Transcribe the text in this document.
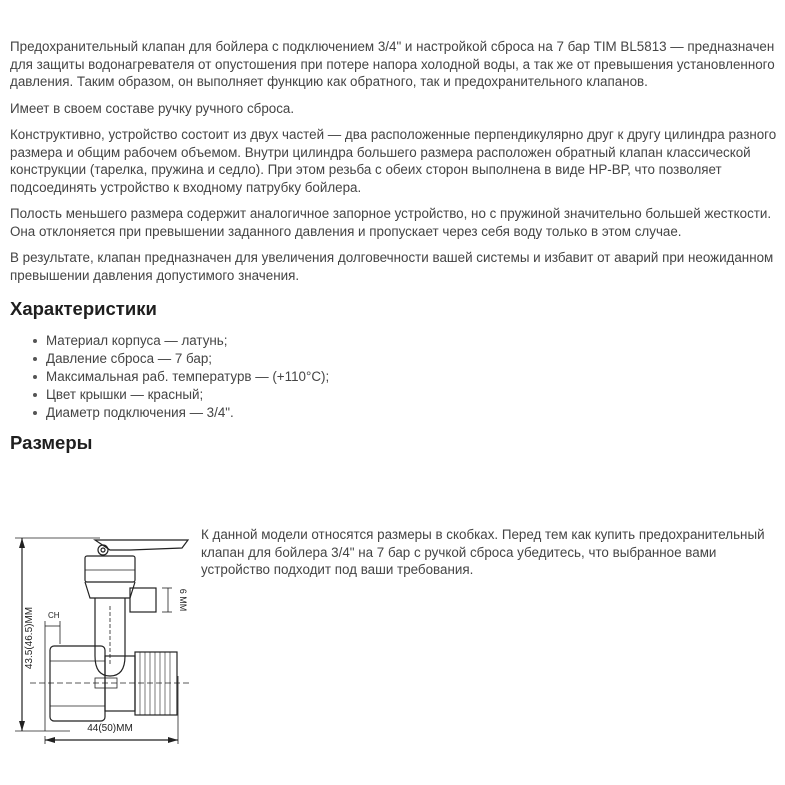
Предохранительный клапан для бойлера с подключением 3/4" и настройкой сброса на 7 бар TIM BL5813 — предназначен для защиты водонагревателя от опустошения при потере напора холодной воды, а так же от превышения установленного давления. Таким образом, он выполняет функцию как обратного, так и предохранительного клапанов.

Имеет в своем составе ручку ручного сброса.

Конструктивно, устройство состоит из двух частей — два расположенные перпендикулярно друг к другу цилиндра разного размера и общим рабочем объемом. Внутри цилиндра большего размера расположен обратный клапан классической конструкции (тарелка, пружина и седло). При этом резьба с обеих сторон выполнена в виде НР-ВР, что позволяет подсоединять устройство к входному патрубку бойлера.

Полость меньшего размера содержит аналогичное запорное устройство, но с пружиной значительно большей жесткости. Она отклоняется при превышении заданного давления и пропускает через себя воду только в этом случае.

В результате, клапан предназначен для увеличения долговечности вашей системы и избавит от аварий при неожиданном превышении давления допустимого значения.

Характеристики
Материал корпуса — латунь;
Давление сброса — 7 бар;
Максимальная раб. температурв — (+110°С);
Цвет крышки — красный;
Диаметр подключения — 3/4".
Размеры
43.5(46.5)ММ
44(50)ММ
6 ММ
СН
К данной модели относятся размеры в скобках. Перед тем как купить предохранительный клапан для бойлера 3/4" на 7 бар с ручкой сброса убедитесь, что выбранное вами устройство подходит под ваши требования.
